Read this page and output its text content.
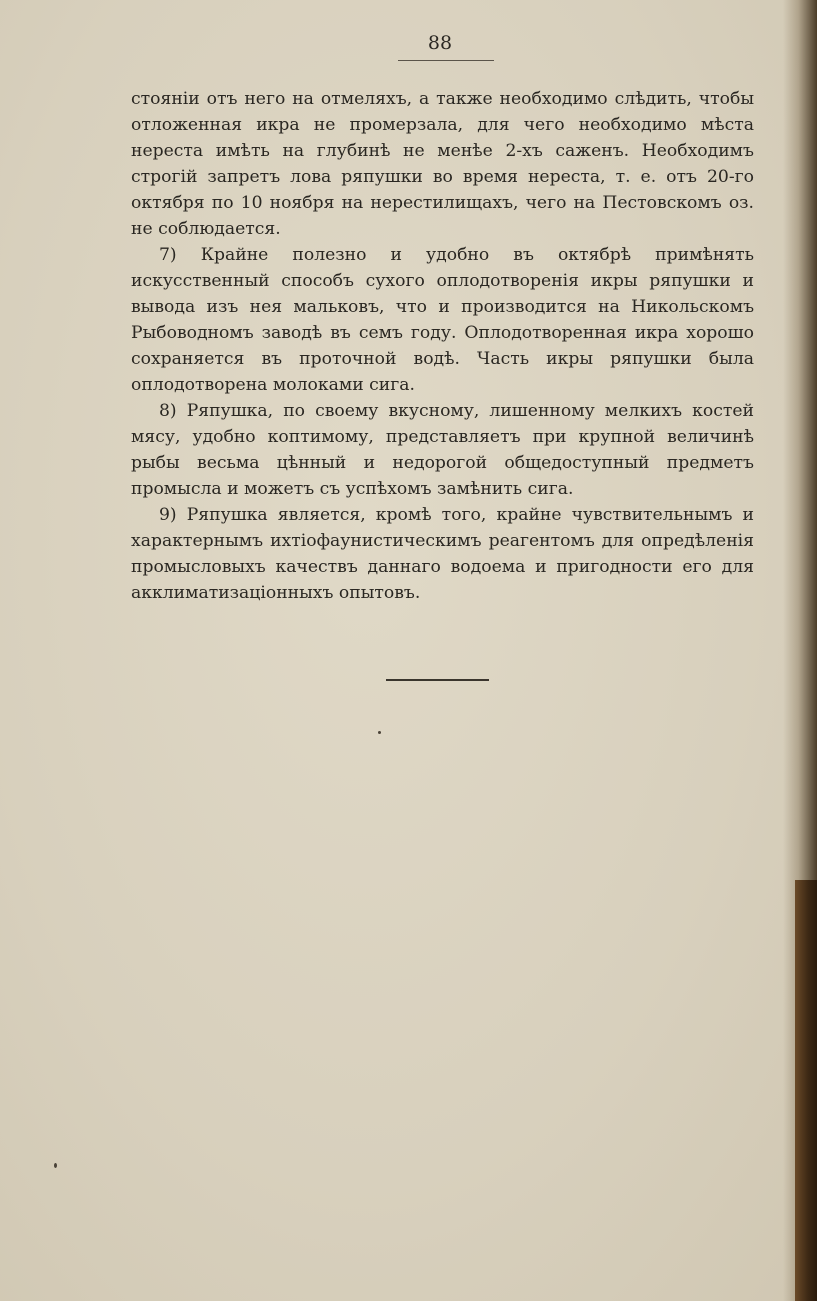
88

стоянiи отъ него на отмеляхъ, а также необходимо слѣдить, чтобы отложенная икра не промерзала, для чего необходимо мѣста нереста имѣть на глубинѣ не менѣе 2-хъ саженъ. Необходимъ строгiй запретъ лова ряпушки во время нереста, т. е. отъ 20-го октября по 10 ноября на нерестилищахъ, чего на Пестовскомъ оз. не соблюдается.

7) Крайне полезно и удобно въ октябрѣ примѣнять искусственный способъ сухого оплодотворенiя икры ряпушки и вывода изъ нея мальковъ, что и производится на Никольскомъ Рыбоводномъ заводѣ въ семъ году. Оплодотворенная икра хорошо сохраняется въ проточной водѣ. Часть икры ряпушки была оплодотворена молоками сига.

8) Ряпушка, по своему вкусному, лишенному мелкихъ костей мясу, удобно коптимому, представляетъ при крупной величинѣ рыбы весьма цѣнный и недорогой общедоступный предметъ промысла и можетъ съ успѣхомъ замѣнить сига.

9) Ряпушка является, кромѣ того, крайне чувствительнымъ и характернымъ ихтiофаунистическимъ реагентомъ для опредѣленiя промысловыхъ качествъ даннаго водоема и пригодности его для акклиматизацiонныхъ опытовъ.
